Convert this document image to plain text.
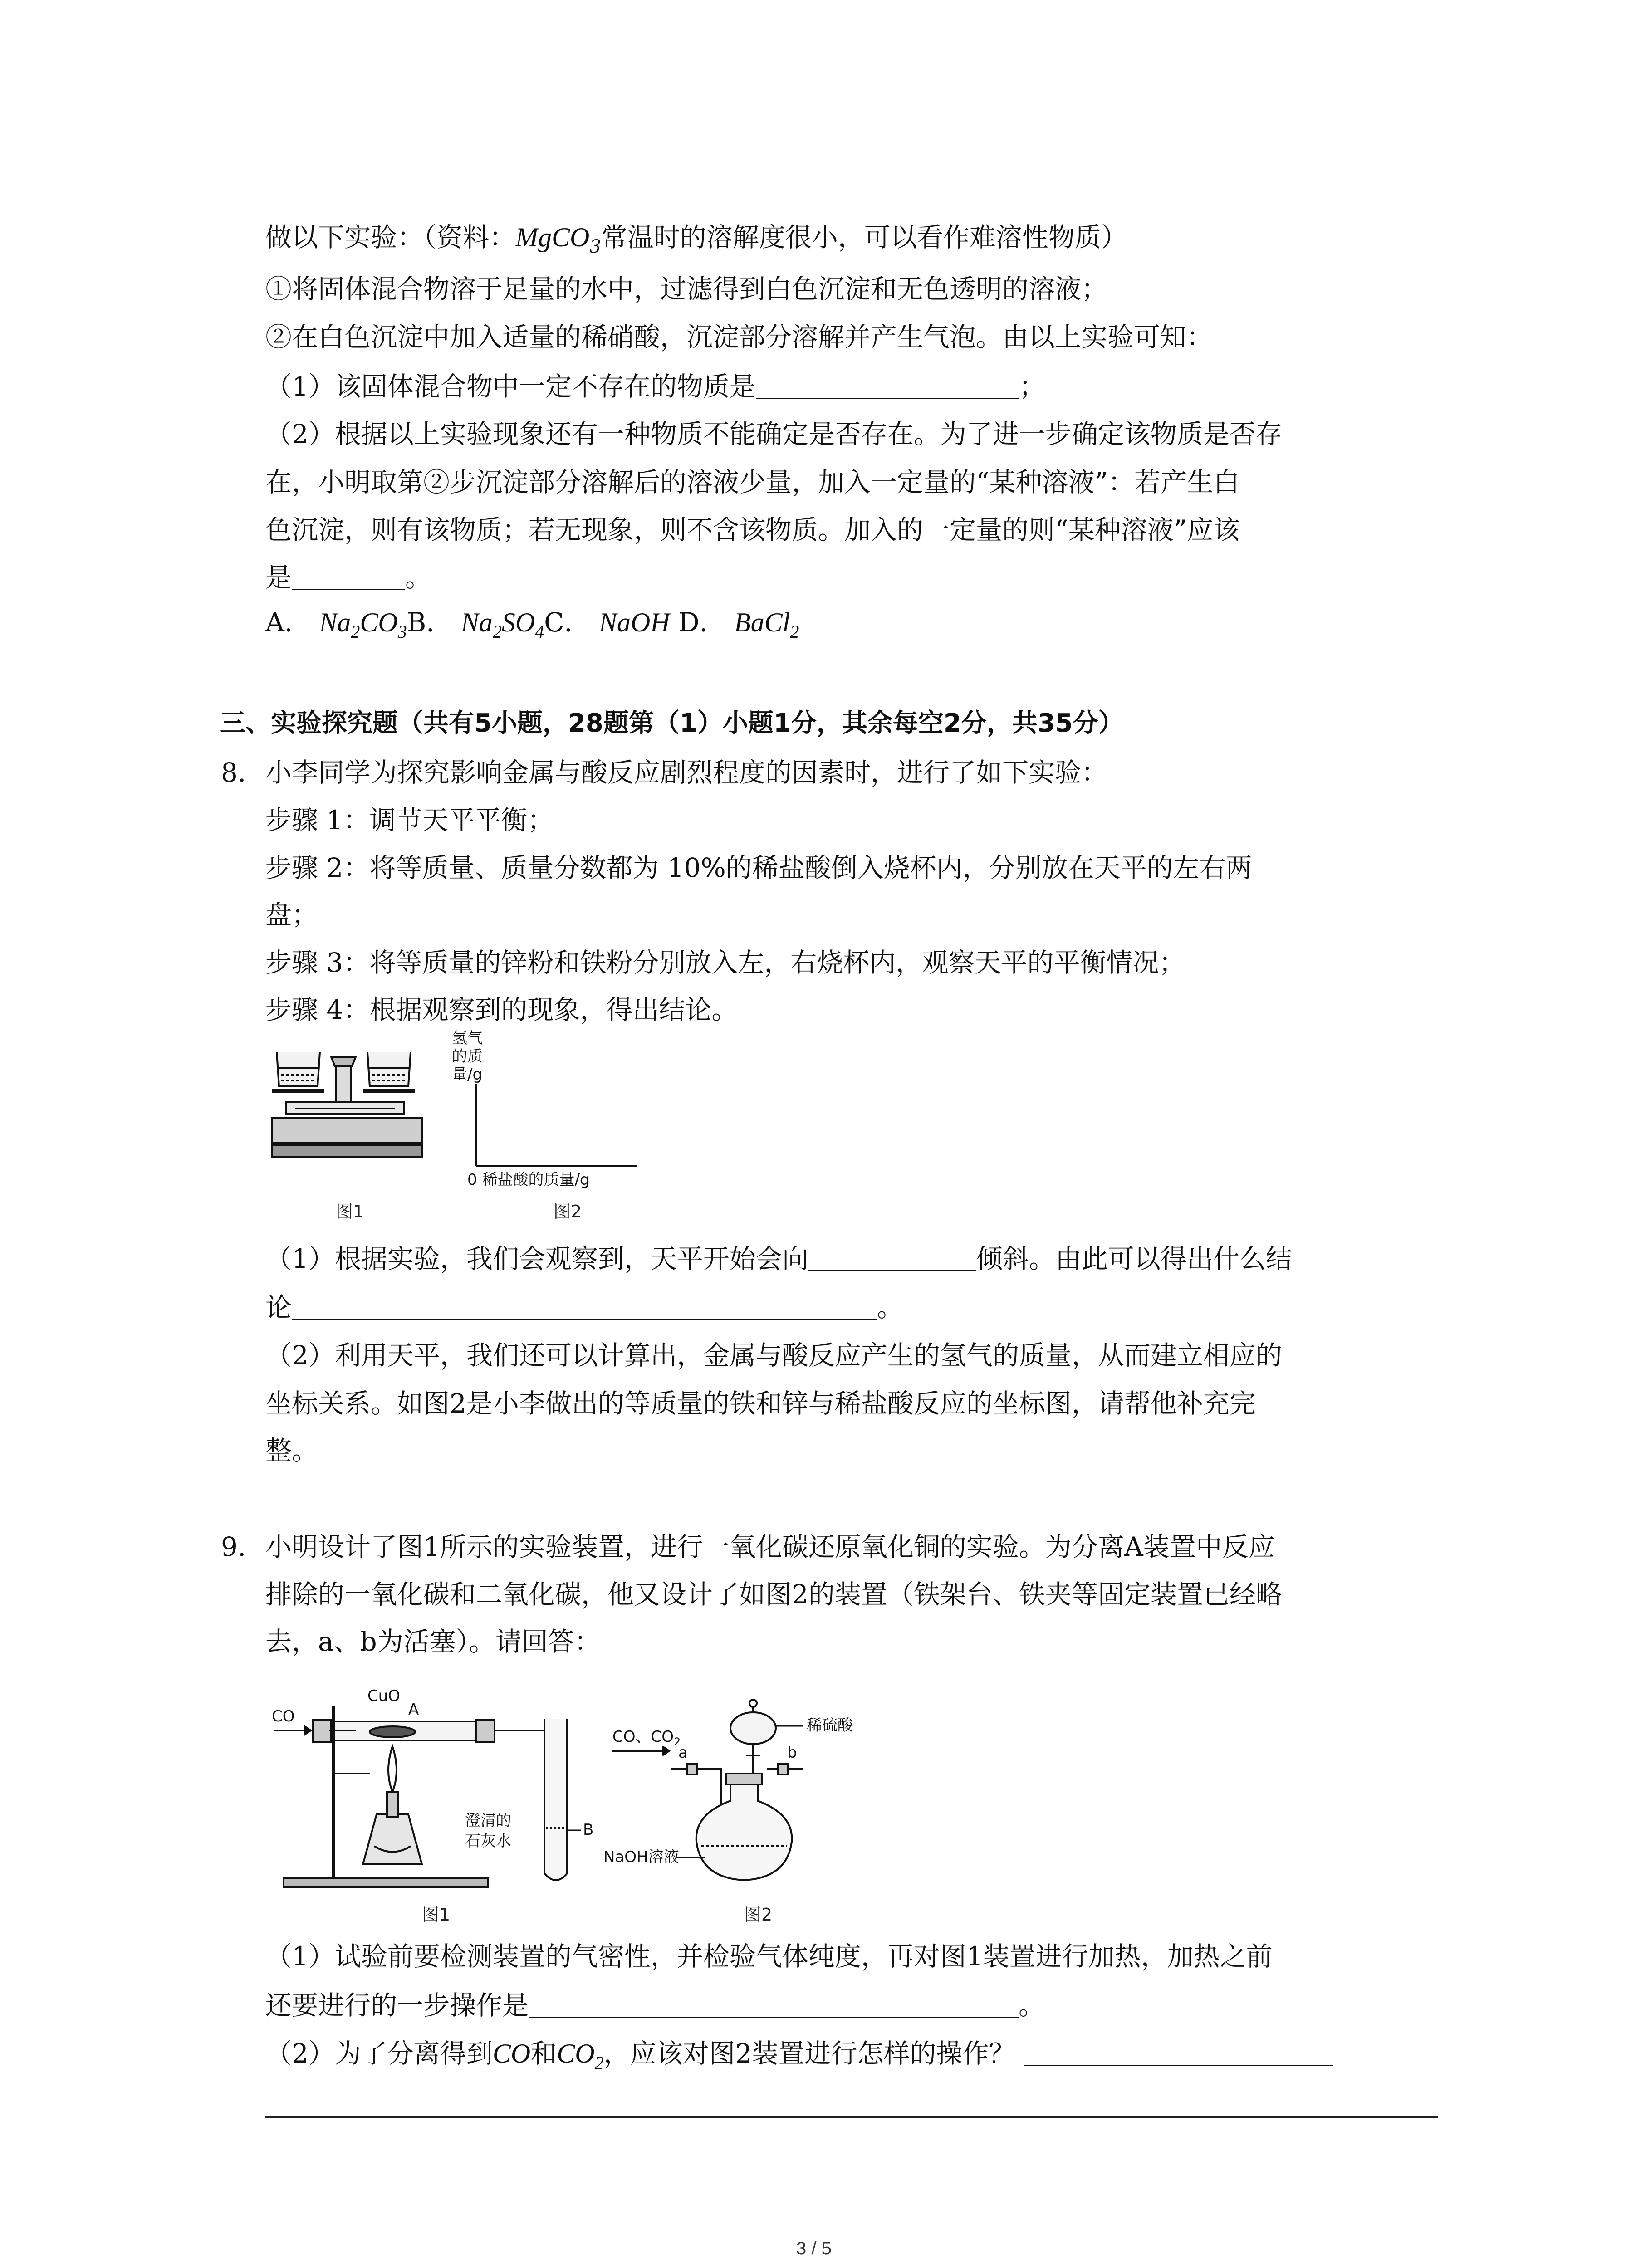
做以下实验：（资料：MgCO$_3$常温时的溶解度很小，可以看作难溶性物质）
①将固体混合物溶于足量的水中，过滤得到白色沉淀和无色透明的溶液；
②在白色沉淀中加入适量的稀硝酸，沉淀部分溶解并产生气泡。由以上实验可知：
（1）该固体混合物中一定不存在的物质是	；
（2）根据以上实验现象还有一种物质不能确定是否存在。为了进一步确定该物质是否存
在，小明取第②步沉淀部分溶解后的溶液少量，加入一定量的“某种溶液”：若产生白
色沉淀，则有该物质；若无现象，则不含该物质。加入的一定量的则“某种溶液”应该
是	。
A． $Na_2CO_3B$． $Na_2SO_4C$． NaOH D． BaCl$_2$
三、实验探究题（共有5小题，28题第（1）小题1分，其余每空2分，共35分）
8. 小李同学为探究影响金属与酸反应剧烈程度的因素时，进行了如下实验：
步骤 1：调节天平平衡；
步骤 2：将等质量、质量分数都为 10%的稀盐酸倒入烧杯内，分别放在天平的左右两
盘；
步骤 3：将等质量的锌粉和铁粉分别放入左，右烧杯内，观察天平的平衡情况；
步骤 4：根据观察到的现象，得出结论。
图1
氢气
的质
量/g
0 稀盐酸的质量/g
图2
（1）根据实验，我们会观察到，天平开始会向	倾斜。由此可以得出什么结
论	。
（2）利用天平，我们还可以计算出，金属与酸反应产生的氢气的质量，从而建立相应的
坐标关系。如图2是小李做出的等质量的铁和锌与稀盐酸反应的坐标图，请帮他补充完
整。
9. 小明设计了图1所示的实验装置，进行一氧化碳还原氧化铜的实验。为分离A装置中反应
排除的一氧化碳和二氧化碳，他又设计了如图2的装置（铁架台、铁夹等固定装置已经略
去，a、b为活塞）。请回答：
CO
CuO
A
澄清的
石灰水
B
图1
CO、$CO_2$
a	b
稀硫酸
NaOH溶液
图2
（1）试验前要检测装置的气密性，并检验气体纯度，再对图1装置进行加热，加热之前
还要进行的一步操作是	。
（2）为了分离得到CO和$CO_2$，应该对图2装置进行怎样的操作？
3 / 5
